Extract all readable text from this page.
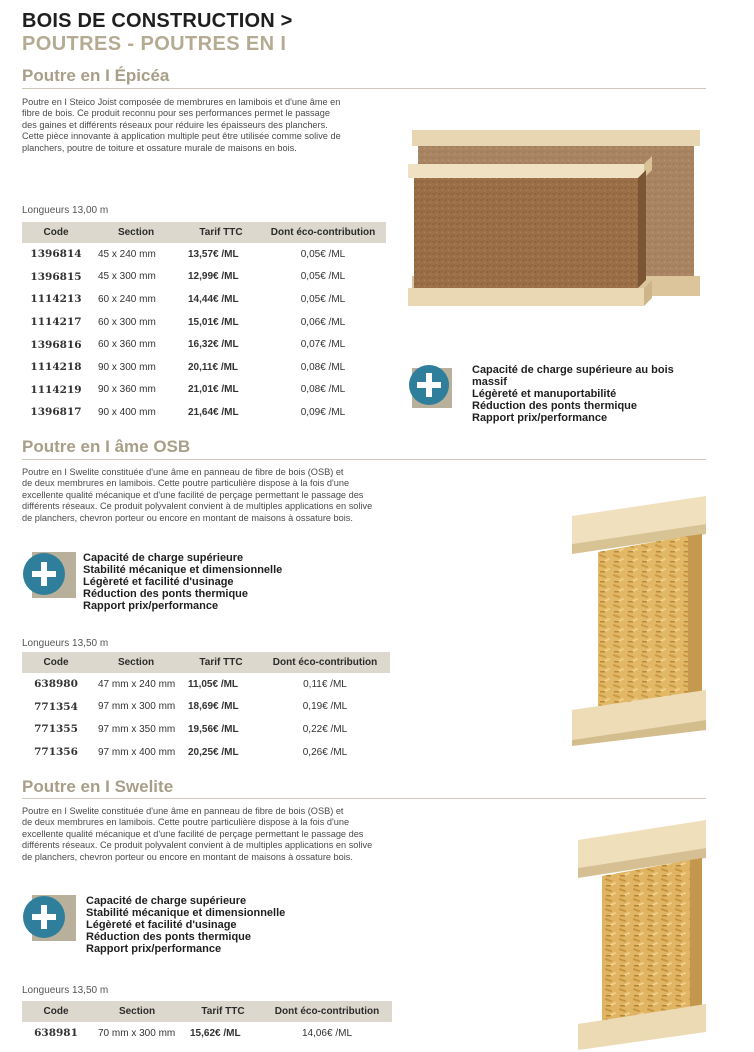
BOIS DE CONSTRUCTION >
POUTRES - POUTRES EN I
Poutre en I Épicéa

Poutre en I Steico Joist composée de membrures en lamibois et d'une âme en

fibre de bois. Ce produit reconnu pour ses performances permet le passage

des gaines et différents réseaux pour réduire les épaisseurs des planchers.

Cette pièce innovante à application multiple peut être utilisée comme solive de

planchers, poutre de toiture et ossature murale de maisons en bois.

Longueurs 13,00 m
Code	Section	Tarif TTC	Dont éco-contribution
1396814	45 x 240 mm	13,57€ /ML	0,05€ /ML
1396815	45 x 300 mm	12,99€ /ML	0,05€ /ML
1114213	60 x 240 mm	14,44€ /ML	0,05€ /ML
1114217	60 x 300 mm	15,01€ /ML	0,06€ /ML
1396816	60 x 360 mm	16,32€ /ML	0,07€ /ML
1114218	90 x 300 mm	20,11€ /ML	0,08€ /ML
1114219	90 x 360 mm	21,01€ /ML	0,08€ /ML
1396817	90 x 400 mm	21,64€ /ML	0,09€ /ML
Capacité de charge supérieure au bois
massif
Légèreté et manuportabilité
Réduction des ponts thermique
Rapport prix/performance
Poutre en I âme OSB

Poutre en I Swelite constituée d'une âme en panneau de fibre de bois (OSB) et

de deux membrures en lamibois. Cette poutre particulière dispose à la fois d'une

excellente qualité mécanique et d'une facilité de perçage permettant le passage des

différents réseaux. Ce produit polyvalent convient à de multiples applications en solive

de planchers, chevron porteur ou encore en montant de maisons à ossature bois.

Capacité de charge supérieure
Stabilité mécanique et dimensionnelle
Légèreté et facilité d'usinage
Réduction des ponts thermique
Rapport prix/performance
Longueurs 13,50 m
Code	Section	Tarif TTC	Dont éco-contribution
638980	47 mm x 240 mm	11,05€ /ML	0,11€ /ML
771354	97 mm x 300 mm	18,69€ /ML	0,19€ /ML
771355	97 mm x 350 mm	19,56€ /ML	0,22€ /ML
771356	97 mm x 400 mm	20,25€ /ML	0,26€ /ML
Poutre en I Swelite

Poutre en I Swelite constituée d'une âme en panneau de fibre de bois (OSB) et

de deux membrures en lamibois. Cette poutre particulière dispose à la fois d'une

excellente qualité mécanique et d'une facilité de perçage permettant le passage des

différents réseaux. Ce produit polyvalent convient à de multiples applications en solive

de planchers, chevron porteur ou encore en montant de maisons à ossature bois.

Capacité de charge supérieure
Stabilité mécanique et dimensionnelle
Légèreté et facilité d'usinage
Réduction des ponts thermique
Rapport prix/performance
Longueurs 13,50 m
Code	Section	Tarif TTC	Dont éco-contribution
638981	70 mm x 300 mm	15,62€ /ML	14,06€ /ML
